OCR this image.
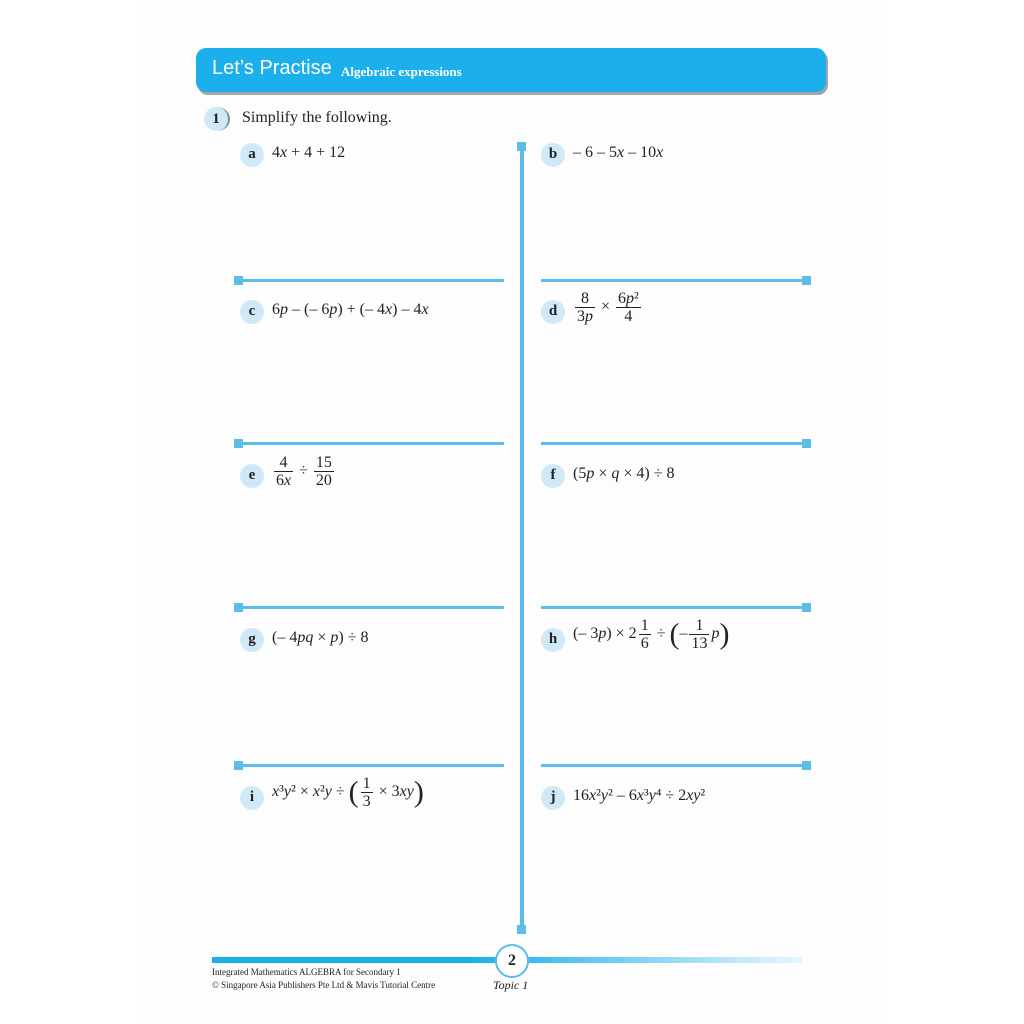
Let’s Practise Algebraic expressions
1	Simplify the following.
a	4x + 4 + 12	b – 6 – 5x – 10x
c	6p – (– 6p) + (– 4x) – 4x	d	$\frac{8}{3p} \times \frac{\text{6p²}}{4}$
e	$\frac{4}{6x} \div \frac{15}{20}$	f	(5p × q × 4) ÷ 8
g	(– 4pq × p) ÷ 8	h (– $3p) \times 2 \frac{1}{6}$ ÷ (– $\frac{1}{13} p$)
i	x³y² × x²y ÷ ( $\frac{1}{3} \times 3xy$)	j	16x²y² – 6x³y⁴ ÷ 2xy²
2
Integrated Mathematics ALGEBRA for Secondary 1
© Singapore Asia Publishers Pte Ltd & Mavis Tutorial Centre	Topic 1
